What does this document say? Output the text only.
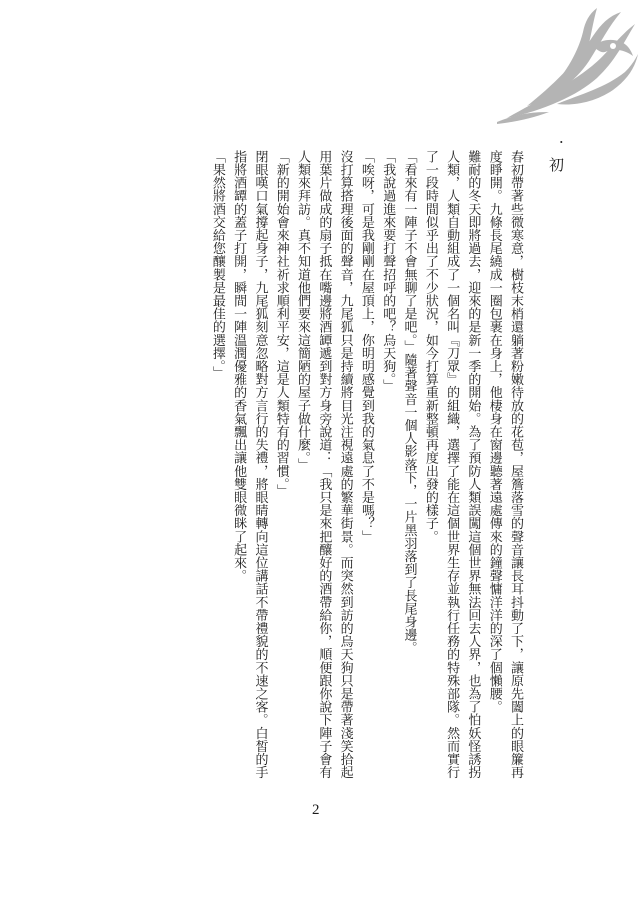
．初

春初帶著些微寒意，樹枝末梢還躺著粉嫩待放的花苞，屋簷落雪的聲音讓長耳抖動了下，讓原先闔上的眼簾再度睜開。九條長尾繞成一圈包裹在身上，他棲身在窗邊聽著遠處傳來的鐘聲慵洋洋的深了個懶腰。

難耐的冬天即將過去，迎來的是新一季的開始。為了預防人類誤闖這個世界無法回去人界，也為了怕妖怪誘拐人類，人類自動組成了一個名叫『刀眾』的組織，選擇了能在這個世界生存並執行任務的特殊部隊。然而實行了一段時間似乎出了不少狀況，如今打算重新整頓再度出發的樣子。

「看來有一陣子不會無聊了是吧。」隨著聲音一個人影落下，一片黑羽落到了長尾身邊。

「我說過進來要打聲招呼的吧？烏天狗。」

「唉呀，可是我剛剛在屋頂上，你明明感覺到我的氣息了不是嗎？」

沒打算搭理後面的聲音，九尾狐只是持續將目光注視遠處的繁華街景。而突然到訪的烏天狗只是帶著淺笑拾起用葉片做成的扇子抵在嘴邊將酒罈遞到對方身旁說道：「我只是來把釀好的酒帶給你，順便跟你說下陣子會有人類來拜訪。真不知道他們要來這簡陋的屋子做什麼。」

「新的開始會來神社祈求順利平安，這是人類特有的習慣。」

閉眼嘆口氣撐起身子，九尾狐刻意忽略對方言行的失禮，將眼睛轉向這位講話不帶禮貌的不速之客。白皙的手指將酒罈的蓋子打開，瞬間一陣溫潤優雅的香氣飄出讓他雙眼微眯了起來。

「果然將酒交給您釀製是最佳的選擇。」

2
